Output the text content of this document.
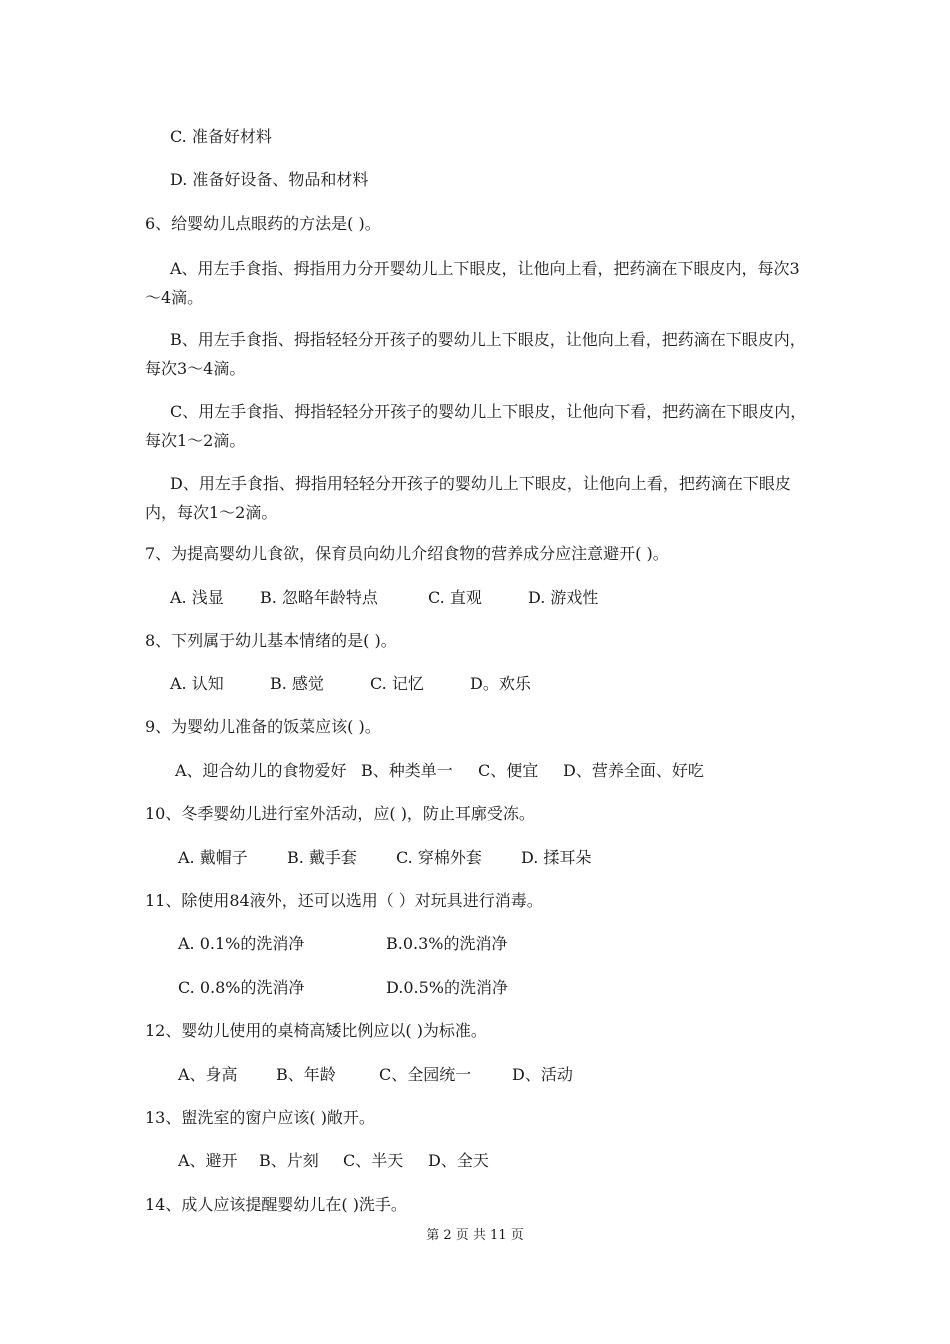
C. 准备好材料
D. 准备好设备、物品和材料
6、给婴幼儿点眼药的方法是( )。
A、用左手食指、拇指用力分开婴幼儿上下眼皮，让他向上看，把药滴在下眼皮内，每次3～4滴。
B、用左手食指、拇指轻轻分开孩子的婴幼儿上下眼皮，让他向上看，把药滴在下眼皮内，每次3～4滴。
C、用左手食指、拇指轻轻分开孩子的婴幼儿上下眼皮，让他向下看，把药滴在下眼皮内，每次1～2滴。
D、用左手食指、拇指用轻轻分开孩子的婴幼儿上下眼皮，让他向上看，把药滴在下眼皮内，每次1～2滴。
7、为提高婴幼儿食欲，保育员向幼儿介绍食物的营养成分应注意避开( )。
A. 浅显 B. 忽略年龄特点	C. 直观	D. 游戏性
8、下列属于幼儿基本情绪的是( )。
A. 认知	B. 感觉	C. 记忆	D。欢乐
9、为婴幼儿准备的饭菜应该( )。
A、迎合幼儿的食物爱好 B、种类单一 C、便宜 D、营养全面、好吃
10、冬季婴幼儿进行室外活动，应( )，防止耳廓受冻。
A. 戴帽子 B. 戴手套 C. 穿棉外套 D. 揉耳朵
11、除使用84液外，还可以选用（ ）对玩具进行消毒。
A. 0.1%的洗消净	B.0.3%的洗消净
C. 0.8%的洗消净	D.0.5%的洗消净
12、婴幼儿使用的桌椅高矮比例应以( )为标准。
A、身高 B、年龄	C、全园统一	D、活动
13、盥洗室的窗户应该( )敞开。
A、避开 B、片刻 C、半天 D、全天
14、成人应该提醒婴幼儿在( )洗手。
第 2 页 共 11 页
